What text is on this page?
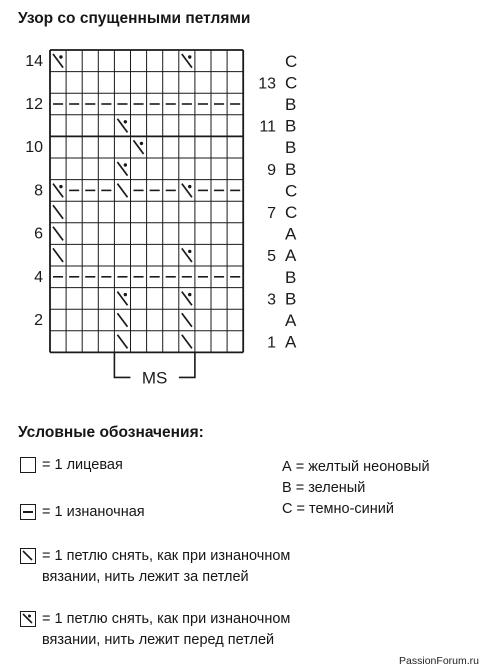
Узор со спущенными петлями
14
12
10
8
6
4
2
C
13 C
B
11 B
B
9 B
C
7 C
A
5 A
B
3 B
A
1 A
MS
Условные обозначения:
= 1 лицевая
= 1 изнаночная
= 1 петлю снять, как при изнаночном
вязании, нить лежит за петлей
= 1 петлю снять, как при изнаночном
вязании, нить лежит перед петлей
А = желтый неоновый
В = зеленый
С = темно-синий
PassionForum.ru
